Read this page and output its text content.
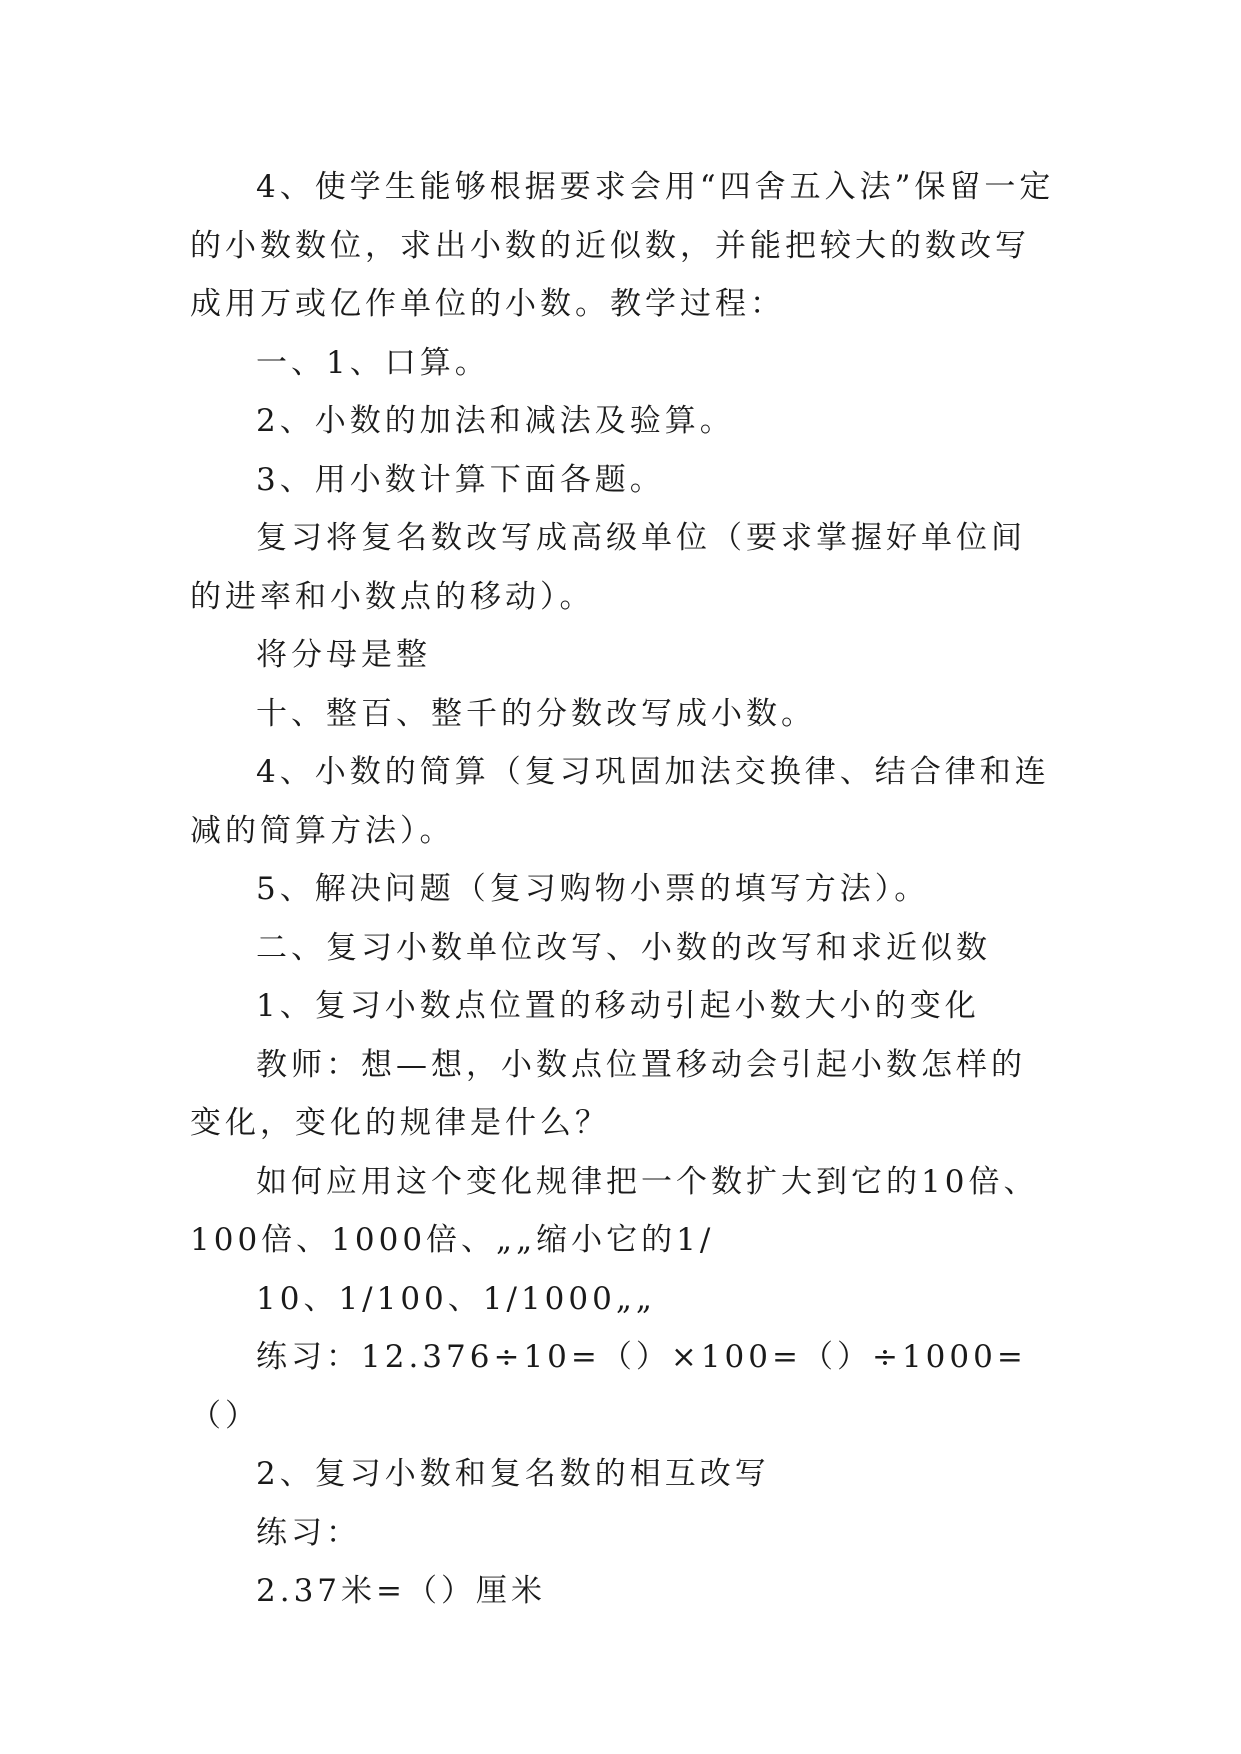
4、使学生能够根据要求会用“四舍五入法”保留一定的小数数位，求出小数的近似数，并能把较大的数改写成用万或亿作单位的小数。教学过程：

一、1、口算。

2、小数的加法和减法及验算。

3、用小数计算下面各题。

复习将复名数改写成高级单位（要求掌握好单位间的进率和小数点的移动）。

将分母是整

十、整百、整千的分数改写成小数。

4、小数的简算（复习巩固加法交换律、结合律和连减的简算方法）。

5、解决问题（复习购物小票的填写方法）。

二、复习小数单位改写、小数的改写和求近似数

1、复习小数点位置的移动引起小数大小的变化

教师：想—想，小数点位置移动会引起小数怎样的变化，变化的规律是什么？

如何应用这个变化规律把一个数扩大到它的10倍、100倍、1000倍、„„缩小它的1/

10、1/100、1/1000„„

练习：12.376÷10=（）×100=（）÷1000=（）

2、复习小数和复名数的相互改写

练习：

2.37米=（）厘米
